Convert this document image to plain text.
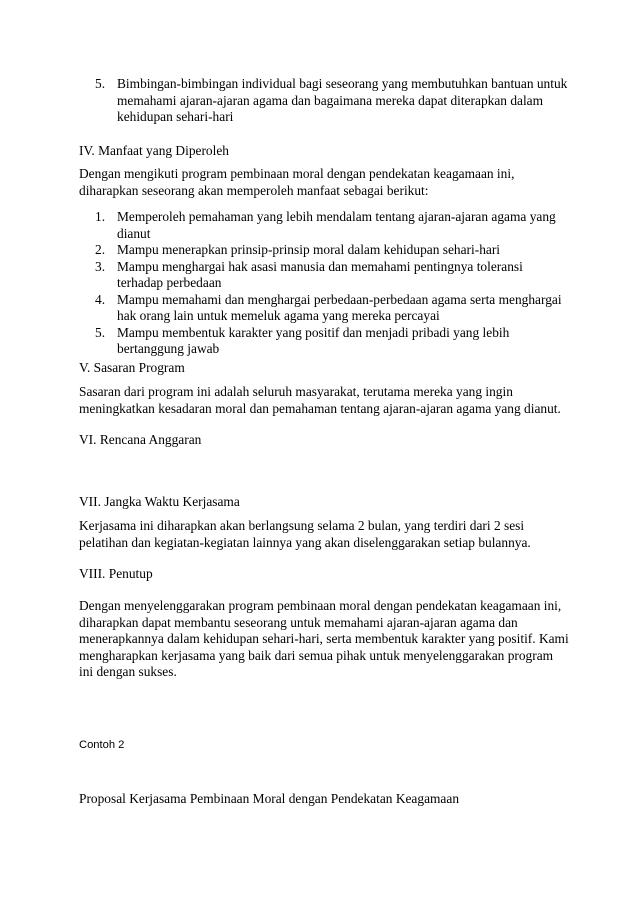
5. Bimbingan-bimbingan individual bagi seseorang yang membutuhkan bantuan untuk memahami ajaran-ajaran agama dan bagaimana mereka dapat diterapkan dalam kehidupan sehari-hari

IV. Manfaat yang Diperoleh

Dengan mengikuti program pembinaan moral dengan pendekatan keagamaan ini, diharapkan seseorang akan memperoleh manfaat sebagai berikut:

1. Memperoleh pemahaman yang lebih mendalam tentang ajaran-ajaran agama yang dianut
2. Mampu menerapkan prinsip-prinsip moral dalam kehidupan sehari-hari
3. Mampu menghargai hak asasi manusia dan memahami pentingnya toleransi terhadap perbedaan
4. Mampu memahami dan menghargai perbedaan-perbedaan agama serta menghargai hak orang lain untuk memeluk agama yang mereka percayai
5. Mampu membentuk karakter yang positif dan menjadi pribadi yang lebih bertanggung jawab

V. Sasaran Program

Sasaran dari program ini adalah seluruh masyarakat, terutama mereka yang ingin meningkatkan kesadaran moral dan pemahaman tentang ajaran-ajaran agama yang dianut.

VI. Rencana Anggaran

VII. Jangka Waktu Kerjasama

Kerjasama ini diharapkan akan berlangsung selama 2 bulan, yang terdiri dari 2 sesi pelatihan dan kegiatan-kegiatan lainnya yang akan diselenggarakan setiap bulannya.

VIII. Penutup

Dengan menyelenggarakan program pembinaan moral dengan pendekatan keagamaan ini, diharapkan dapat membantu seseorang untuk memahami ajaran-ajaran agama dan menerapkannya dalam kehidupan sehari-hari, serta membentuk karakter yang positif. Kami mengharapkan kerjasama yang baik dari semua pihak untuk menyelenggarakan program ini dengan sukses.

Contoh 2

Proposal Kerjasama Pembinaan Moral dengan Pendekatan Keagamaan
